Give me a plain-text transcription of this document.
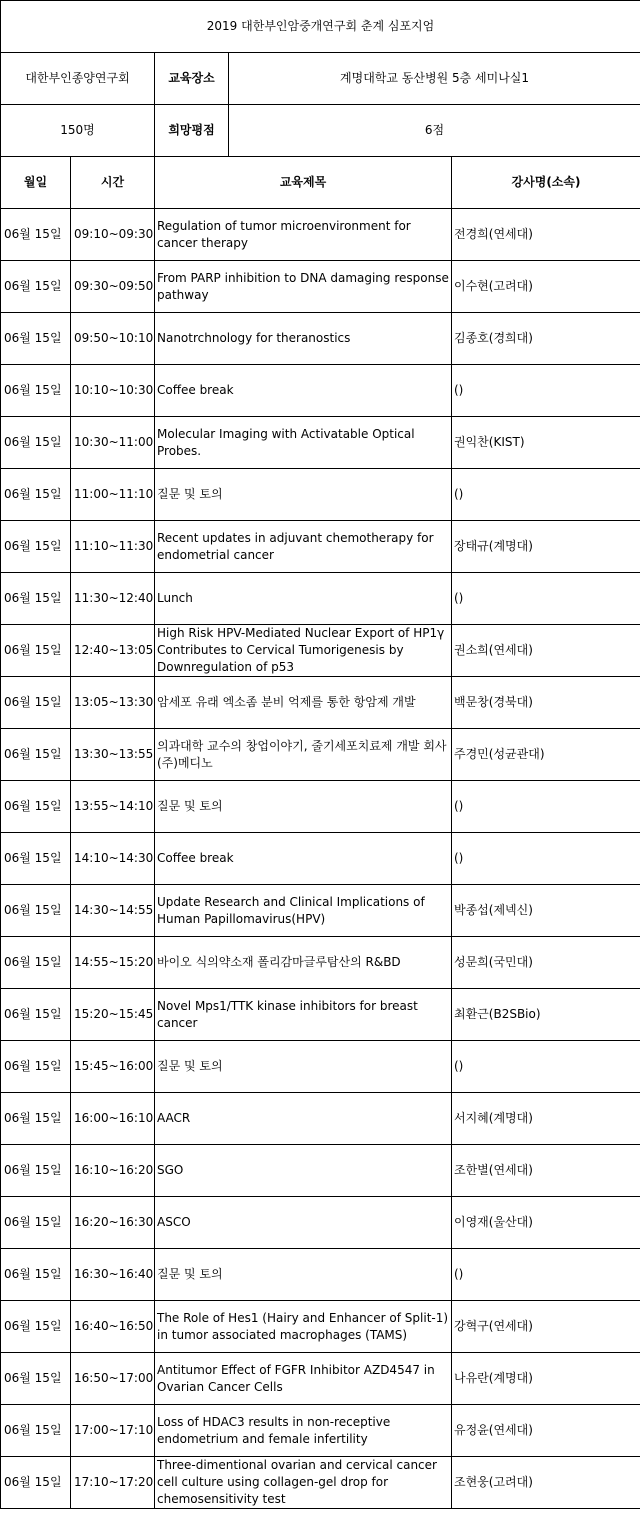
2019 대한부인암중개연구회 춘계 심포지엄				
대한부인종양연구회		교육장소	계명대학교 동산병원 5층 세미나실1	
150명		희망평점	6점	
월일	시간	교육제목		강사명(소속)
06월 15일	09:10~09:30	Regulation of tumor microenvironment for cancer therapy		전경희(연세대)
06월 15일	09:30~09:50	From PARP inhibition to DNA damaging response pathway		이수현(고려대)
06월 15일	09:50~10:10	Nanotrchnology for theranostics		김종호(경희대)
06월 15일	10:10~10:30	Coffee break		()
06월 15일	10:30~11:00	Molecular Imaging with Activatable Optical Probes.		권익찬(KIST)
06월 15일	11:00~11:10	질문 및 토의		()
06월 15일	11:10~11:30	Recent updates in adjuvant chemotherapy for endometrial cancer		장태규(계명대)
06월 15일	11:30~12:40	Lunch		()
06월 15일	12:40~13:05	High Risk HPV-Mediated Nuclear Export of HP1γ Contributes to Cervical Tumorigenesis by Downregulation of p53		권소희(연세대)
06월 15일	13:05~13:30	암세포 유래 엑소좀 분비 억제를 통한 항암제 개발		백문창(경북대)
06월 15일	13:30~13:55	의과대학 교수의 창업이야기, 줄기세포치료제 개발 회사 (주)메디노		주경민(성균관대)
06월 15일	13:55~14:10	질문 및 토의		()
06월 15일	14:10~14:30	Coffee break		()
06월 15일	14:30~14:55	Update Research and Clinical Implications of Human Papillomavirus(HPV)		박종섭(제넥신)
06월 15일	14:55~15:20	바이오 식의약소재 폴리감마글루탐산의 R&BD		성문희(국민대)
06월 15일	15:20~15:45	Novel Mps1/TTK kinase inhibitors for breast cancer		최환근(B2SBio)
06월 15일	15:45~16:00	질문 및 토의		()
06월 15일	16:00~16:10	AACR		서지혜(계명대)
06월 15일	16:10~16:20	SGO		조한별(연세대)
06월 15일	16:20~16:30	ASCO		이영재(울산대)
06월 15일	16:30~16:40	질문 및 토의		()
06월 15일	16:40~16:50	The Role of Hes1 (Hairy and Enhancer of Split-1) in tumor associated macrophages (TAMS)		강혁구(연세대)
06월 15일	16:50~17:00	Antitumor Effect of FGFR Inhibitor AZD4547 in Ovarian Cancer Cells		나유란(계명대)
06월 15일	17:00~17:10	Loss of HDAC3 results in non-receptive endometrium and female infertility		유정윤(연세대)
06월 15일	17:10~17:20	Three-dimentional ovarian and cervical cancer cell culture using collagen-gel drop for chemosensitivity test		조현웅(고려대)
